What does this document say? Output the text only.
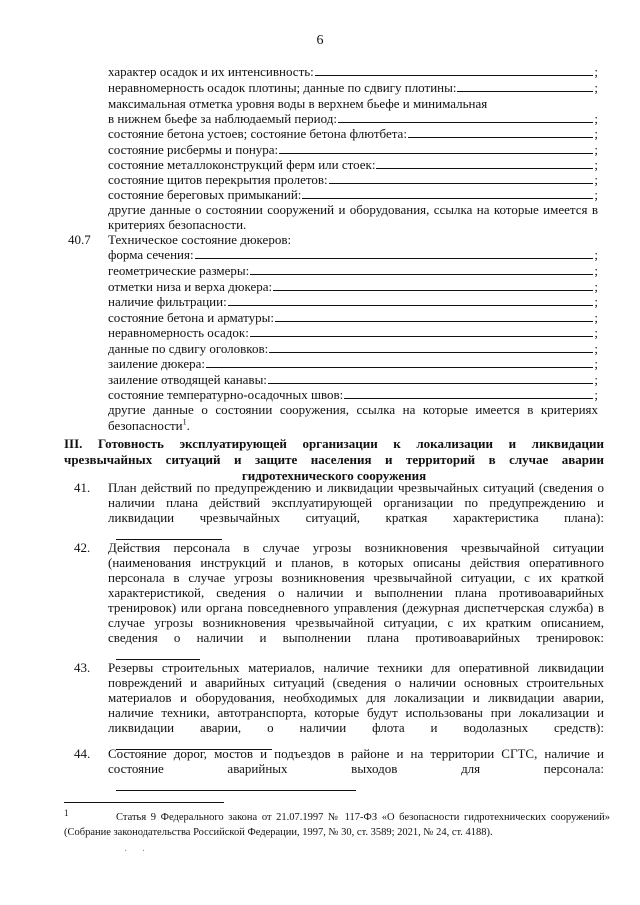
6
характер осадок и их интенсивность:	;
неравномерность осадок плотины; данные по сдвигу плотины:	;
максимальная отметка уровня воды в верхнем бьефе и минимальная
в нижнем бьефе за наблюдаемый период:	;
состояние бетона устоев; состояние бетона флютбета:	;
состояние рисбермы и понура:	;
состояние металлоконструкций ферм или стоек:	;
состояние щитов перекрытия пролетов:	;
состояние береговых примыканий:	;
другие данные о состоянии сооружений и оборудования, ссылка на которые имеется в критериях безопасности.
40.7 Техническое состояние дюкеров:
форма сечения:	;
геометрические размеры:	;
отметки низа и верха дюкера:	;
наличие фильтрации:	;
состояние бетона и арматуры:	;
неравномерность осадок:	;
данные по сдвигу оголовков:	;
заиление дюкера:	;
заиление отводящей канавы:	;
состояние температурно-осадочных швов:	;
другие данные о состоянии сооружения, ссылка на которые имеется в критериях
безопасности$^1$.
III. Готовность эксплуатирующей организации к локализации и ликвидации чрезвычайных ситуаций и защите населения и территорий в случае аварии гидротехнического сооружения
41. План действий по предупреждению и ликвидации чрезвычайных ситуаций (сведения о наличии плана действий эксплуатирующей организации по предупреждению и ликвидации чрезвычайных ситуаций, краткая характеристика плана):
42. Действия персонала в случае угрозы возникновения чрезвычайной ситуации (наименования инструкций и планов, в которых описаны действия оперативного персонала в случае угрозы возникновения чрезвычайной ситуации, с их краткой характеристикой, сведения о наличии и выполнении плана противоаварийных тренировок) или органа повседневного управления (дежурная диспетчерская служба) в случае угрозы возникновения чрезвычайной ситуации, с их кратким описанием, сведения о наличии и выполнении плана противоаварийных тренировок:
43. Резервы строительных материалов, наличие техники для оперативной ликвидации повреждений и аварийных ситуаций (сведения о наличии основных строительных материалов и оборудования, необходимых для локализации и ликвидации аварии, наличие техники, автотранспорта, которые будут использованы при локализации и ликвидации аварии, о наличии флота и водолазных средств):
44. Состояние дорог, мостов и подъездов в районе и на территории СГТС, наличие и состояние аварийных выходов для персонала:
1	Статья 9 Федерального закона от 21.07.1997 № 117-ФЗ «О безопасности гидротехнических сооружений» (Собрание законодательства Российской Федерации, 1997, № 30, ст. 3589; 2021, № 24, ст. 4188).
· ·
